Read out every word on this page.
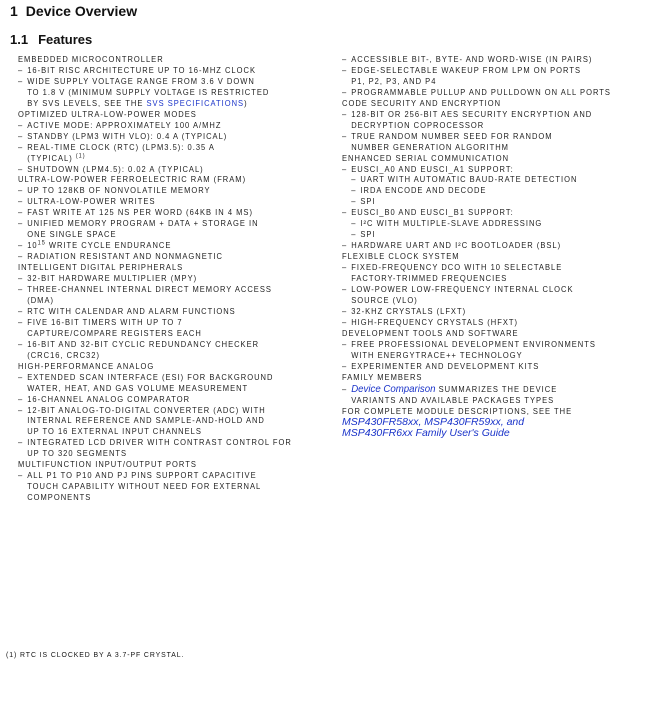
1 Device Overview
1.1 Features
EMBEDDED MICROCONTROLLER
– 16-BIT RISC ARCHITECTURE UP TO 16-MHZ CLOCK
– WIDE SUPPLY VOLTAGE RANGE FROM 3.6 V DOWN
TO 1.8 V (MINIMUM SUPPLY VOLTAGE IS RESTRICTED
BY SVS LEVELS, SEE THE SVS SPECIFICATIONS)
OPTIMIZED ULTRA-LOW-POWER MODES
– ACTIVE MODE: APPROXIMATELY 100 A/MHZ
– STANDBY (LPM3 WITH VLO): 0.4 A (TYPICAL)
– REAL-TIME CLOCK (RTC) (LPM3.5): 0.35 A
(TYPICAL) $^{(1)}$
– SHUTDOWN (LPM4.5): 0.02 A (TYPICAL)
ULTRA-LOW-POWER FERROELECTRIC RAM (FRAM)
– UP TO 128KB OF NONVOLATILE MEMORY
– ULTRA-LOW-POWER WRITES
– FAST WRITE AT 125 NS PER WORD (64KB IN 4 MS)
– UNIFIED MEMORY PROGRAM + DATA + STORAGE IN
ONE SINGLE SPACE
– $10^{15}$ WRITE CYCLE ENDURANCE
– RADIATION RESISTANT AND NONMAGNETIC
INTELLIGENT DIGITAL PERIPHERALS
– 32-BIT HARDWARE MULTIPLIER (MPY)
– THREE-CHANNEL INTERNAL DIRECT MEMORY ACCESS
(DMA)
– RTC WITH CALENDAR AND ALARM FUNCTIONS
– FIVE 16-BIT TIMERS WITH UP TO 7
CAPTURE/COMPARE REGISTERS EACH
– 16-BIT AND 32-BIT CYCLIC REDUNDANCY CHECKER
(CRC16, CRC32)
HIGH-PERFORMANCE ANALOG
– EXTENDED SCAN INTERFACE (ESI) FOR BACKGROUND
WATER, HEAT, AND GAS VOLUME MEASUREMENT
– 16-CHANNEL ANALOG COMPARATOR
– 12-BIT ANALOG-TO-DIGITAL CONVERTER (ADC) WITH
INTERNAL REFERENCE AND SAMPLE-AND-HOLD AND
UP TO 16 EXTERNAL INPUT CHANNELS
– INTEGRATED LCD DRIVER WITH CONTRAST CONTROL FOR
UP TO 320 SEGMENTS
MULTIFUNCTION INPUT/OUTPUT PORTS
– ALL P1 TO P10 AND PJ PINS SUPPORT CAPACITIVE
TOUCH CAPABILITY WITHOUT NEED FOR EXTERNAL
COMPONENTS
– ACCESSIBLE BIT-, BYTE- AND WORD-WISE (IN PAIRS)
– EDGE-SELECTABLE WAKEUP FROM LPM ON PORTS
P1, P2, P3, AND P4
– PROGRAMMABLE PULLUP AND PULLDOWN ON ALL PORTS
CODE SECURITY AND ENCRYPTION
– 128-BIT OR 256-BIT AES SECURITY ENCRYPTION AND
DECRYPTION COPROCESSOR
– TRUE RANDOM NUMBER SEED FOR RANDOM
NUMBER GENERATION ALGORITHM
ENHANCED SERIAL COMMUNICATION
– EUSCI_A0 AND EUSCI_A1 SUPPORT:
– UART WITH AUTOMATIC BAUD-RATE DETECTION
– IRDA ENCODE AND DECODE
– SPI
– EUSCI_B0 AND EUSCI_B1 SUPPORT:
– I²C WITH MULTIPLE-SLAVE ADDRESSING
– SPI
– HARDWARE UART AND I²C BOOTLOADER (BSL)
FLEXIBLE CLOCK SYSTEM
– FIXED-FREQUENCY DCO WITH 10 SELECTABLE
FACTORY-TRIMMED FREQUENCIES
– LOW-POWER LOW-FREQUENCY INTERNAL CLOCK
SOURCE (VLO)
– 32-KHZ CRYSTALS (LFXT)
– HIGH-FREQUENCY CRYSTALS (HFXT)
DEVELOPMENT TOOLS AND SOFTWARE
– FREE PROFESSIONAL DEVELOPMENT ENVIRONMENTS
WITH ENERGYTRACE++ TECHNOLOGY
– EXPERIMENTER AND DEVELOPMENT KITS
FAMILY MEMBERS
– Device Comparison SUMMARIZES THE DEVICE
VARIANTS AND AVAILABLE PACKAGES TYPES
FOR COMPLETE MODULE DESCRIPTIONS, SEE THE
MSP430FR58xx, MSP430FR59xx, and
MSP430FR6xx Family User's Guide
(1) RTC IS CLOCKED BY A 3.7-PF CRYSTAL.
